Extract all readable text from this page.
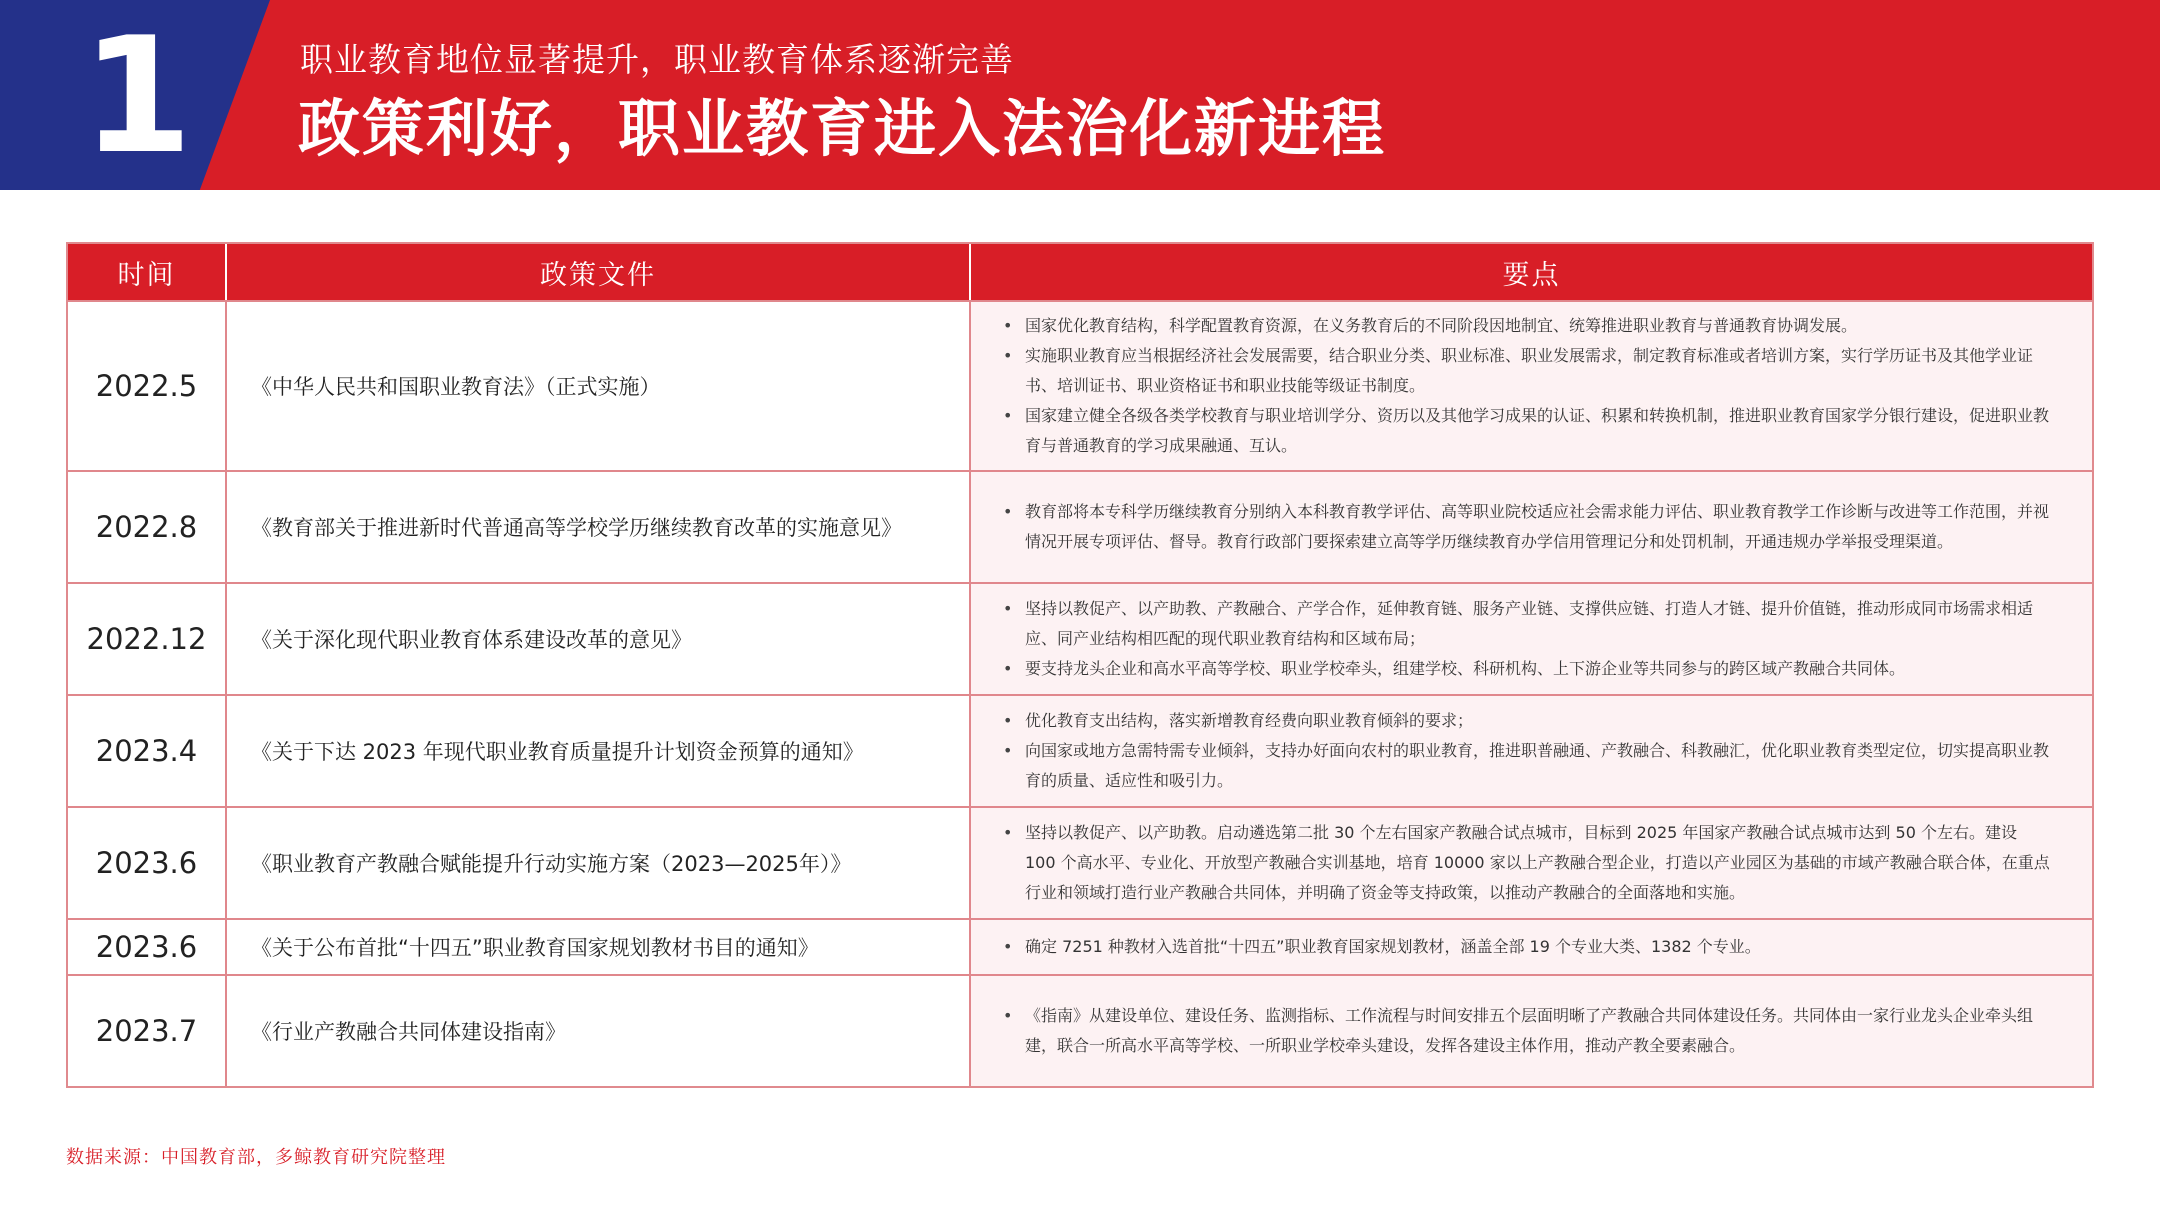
1	职业教育地位显著提升，职业教育体系逐渐完善
政策利好，职业教育进入法治化新进程
时间	政策文件	要点
2022.5	《中华人民共和国职业教育法》（正式实施）
• 国家优化教育结构，科学配置教育资源，在义务教育后的不同阶段因地制宜、统筹推进职业教育与普通教育协调发展。
• 实施职业教育应当根据经济社会发展需要，结合职业分类、职业标准、职业发展需求，制定教育标准或者培训方案，实行学历证书及其他学业证书、培训证书、职业资格证书和职业技能等级证书制度。
• 国家建立健全各级各类学校教育与职业培训学分、资历以及其他学习成果的认证、积累和转换机制，推进职业教育国家学分银行建设，促进职业教育与普通教育的学习成果融通、互认。
2022.8	《教育部关于推进新时代普通高等学校学历继续教育改革的实施意见》
• 教育部将本专科学历继续教育分别纳入本科教育教学评估、高等职业院校适应社会需求能力评估、职业教育教学工作诊断与改进等工作范围，并视情况开展专项评估、督导。教育行政部门要探索建立高等学历继续教育办学信用管理记分和处罚机制，开通违规办学举报受理渠道。
2022.12	《关于深化现代职业教育体系建设改革的意见》
• 坚持以教促产、以产助教、产教融合、产学合作，延伸教育链、服务产业链、支撑供应链、打造人才链、提升价值链，推动形成同市场需求相适应、同产业结构相匹配的现代职业教育结构和区域布局；
• 要支持龙头企业和高水平高等学校、职业学校牵头，组建学校、科研机构、上下游企业等共同参与的跨区域产教融合共同体。
2023.4	《关于下达 2023 年现代职业教育质量提升计划资金预算的通知》
• 优化教育支出结构，落实新增教育经费向职业教育倾斜的要求；
• 向国家或地方急需特需专业倾斜，支持办好面向农村的职业教育，推进职普融通、产教融合、科教融汇，优化职业教育类型定位，切实提高职业教育的质量、适应性和吸引力。
2023.6	《职业教育产教融合赋能提升行动实施方案（2023—2025年）》
• 坚持以教促产、以产助教。启动遴选第二批 30 个左右国家产教融合试点城市，目标到 2025 年国家产教融合试点城市达到 50 个左右。建设 100 个高水平、专业化、开放型产教融合实训基地，培育 10000 家以上产教融合型企业，打造以产业园区为基础的市域产教融合联合体，在重点行业和领域打造行业产教融合共同体，并明确了资金等支持政策，以推动产教融合的全面落地和实施。
2023.6	《关于公布首批“十四五”职业教育国家规划教材书目的通知》
•	确定 7251 种教材入选首批“十四五”职业教育国家规划教材，涵盖全部 19 个专业大类、1382 个专业。
2023.7	《行业产教融合共同体建设指南》
• 《指南》从建设单位、建设任务、监测指标、工作流程与时间安排五个层面明晰了产教融合共同体建设任务。共同体由一家行业龙头企业牵头组建，联合一所高水平高等学校、一所职业学校牵头建设，发挥各建设主体作用，推动产教全要素融合。
数据来源：中国教育部，多鲸教育研究院整理
